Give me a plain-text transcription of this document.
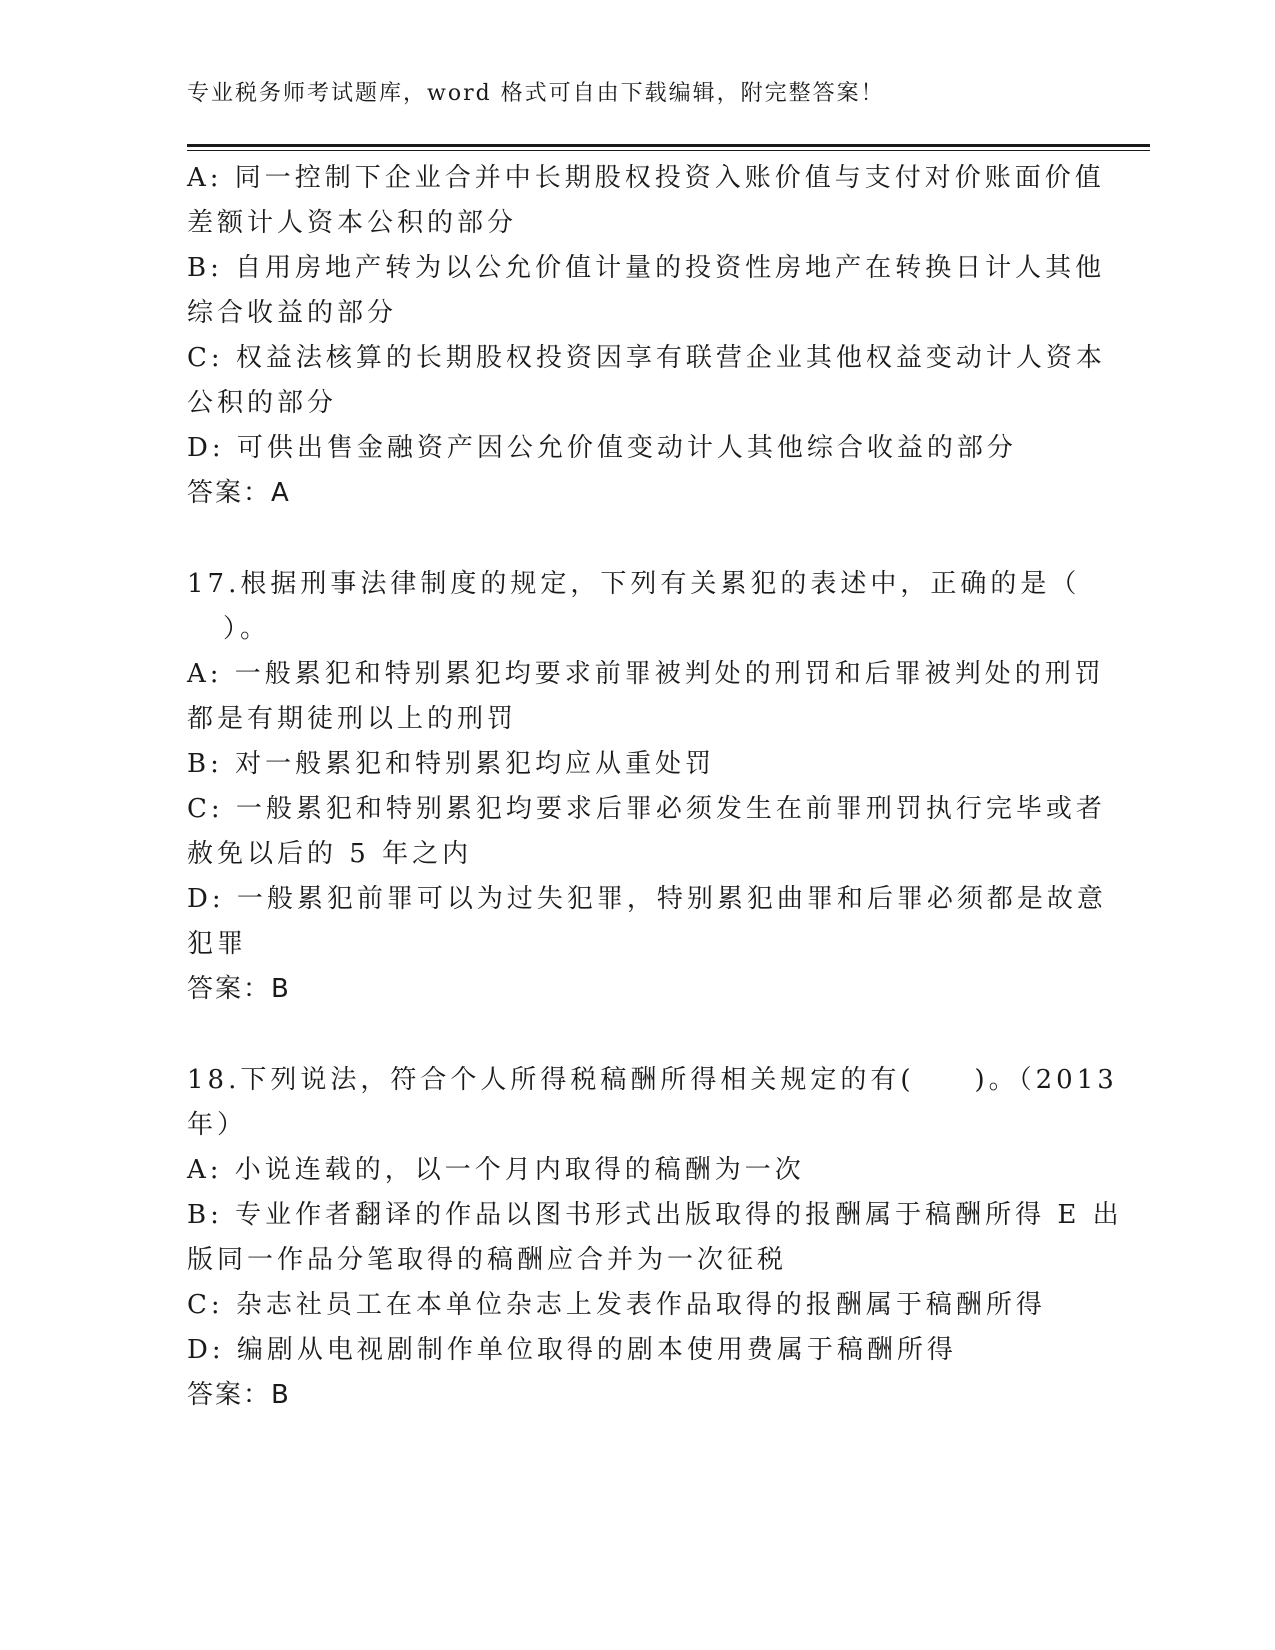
专业税务师考试题库，word 格式可自由下载编辑，附完整答案！
A: 同一控制下企业合并中长期股权投资入账价值与支付对价账面价值
差额计人资本公积的部分
B: 自用房地产转为以公允价值计量的投资性房地产在转换日计人其他
综合收益的部分
C: 权益法核算的长期股权投资因享有联营企业其他权益变动计人资本
公积的部分
D: 可供出售金融资产因公允价值变动计人其他综合收益的部分
答案：A
17.根据刑事法律制度的规定，下列有关累犯的表述中，正确的是（
）。
A: 一般累犯和特别累犯均要求前罪被判处的刑罚和后罪被判处的刑罚
都是有期徒刑以上的刑罚
B: 对一般累犯和特别累犯均应从重处罚
C: 一般累犯和特别累犯均要求后罪必须发生在前罪刑罚执行完毕或者
赦免以后的 5 年之内
D: 一般累犯前罪可以为过失犯罪，特别累犯曲罪和后罪必须都是故意
犯罪
答案：B
18.下列说法，符合个人所得税稿酬所得相关规定的有(　　)。（2013
年）
A: 小说连载的，以一个月内取得的稿酬为一次
B: 专业作者翻译的作品以图书形式出版取得的报酬属于稿酬所得 E 出
版同一作品分笔取得的稿酬应合并为一次征税
C: 杂志社员工在本单位杂志上发表作品取得的报酬属于稿酬所得
D: 编剧从电视剧制作单位取得的剧本使用费属于稿酬所得
答案：B
